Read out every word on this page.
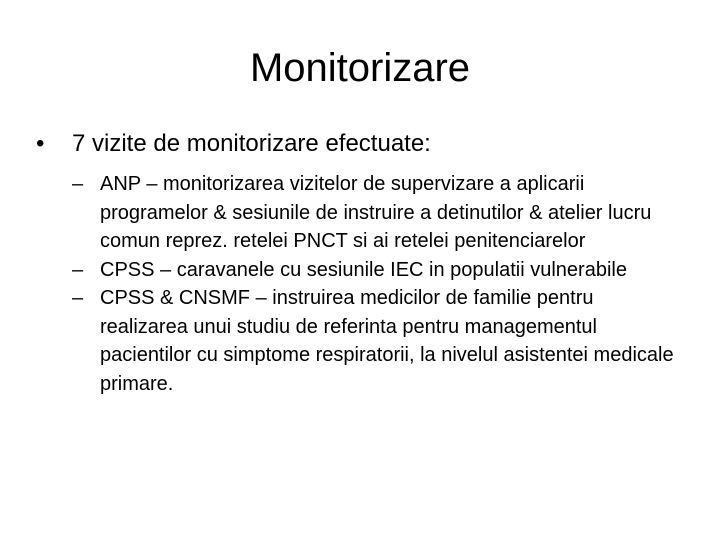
Monitorizare
•	7 vizite de monitorizare efectuate:
– ANP – monitorizarea vizitelor de supervizare a aplicarii programelor & sesiunile de instruire a detinutilor & atelier lucru comun reprez. retelei PNCT si ai retelei penitenciarelor
– CPSS – caravanele cu sesiunile IEC in populatii vulnerabile
– CPSS & CNSMF – instruirea medicilor de familie pentru realizarea unui studiu de referinta pentru managementul pacientilor cu simptome respiratorii, la nivelul asistentei medicale primare.
